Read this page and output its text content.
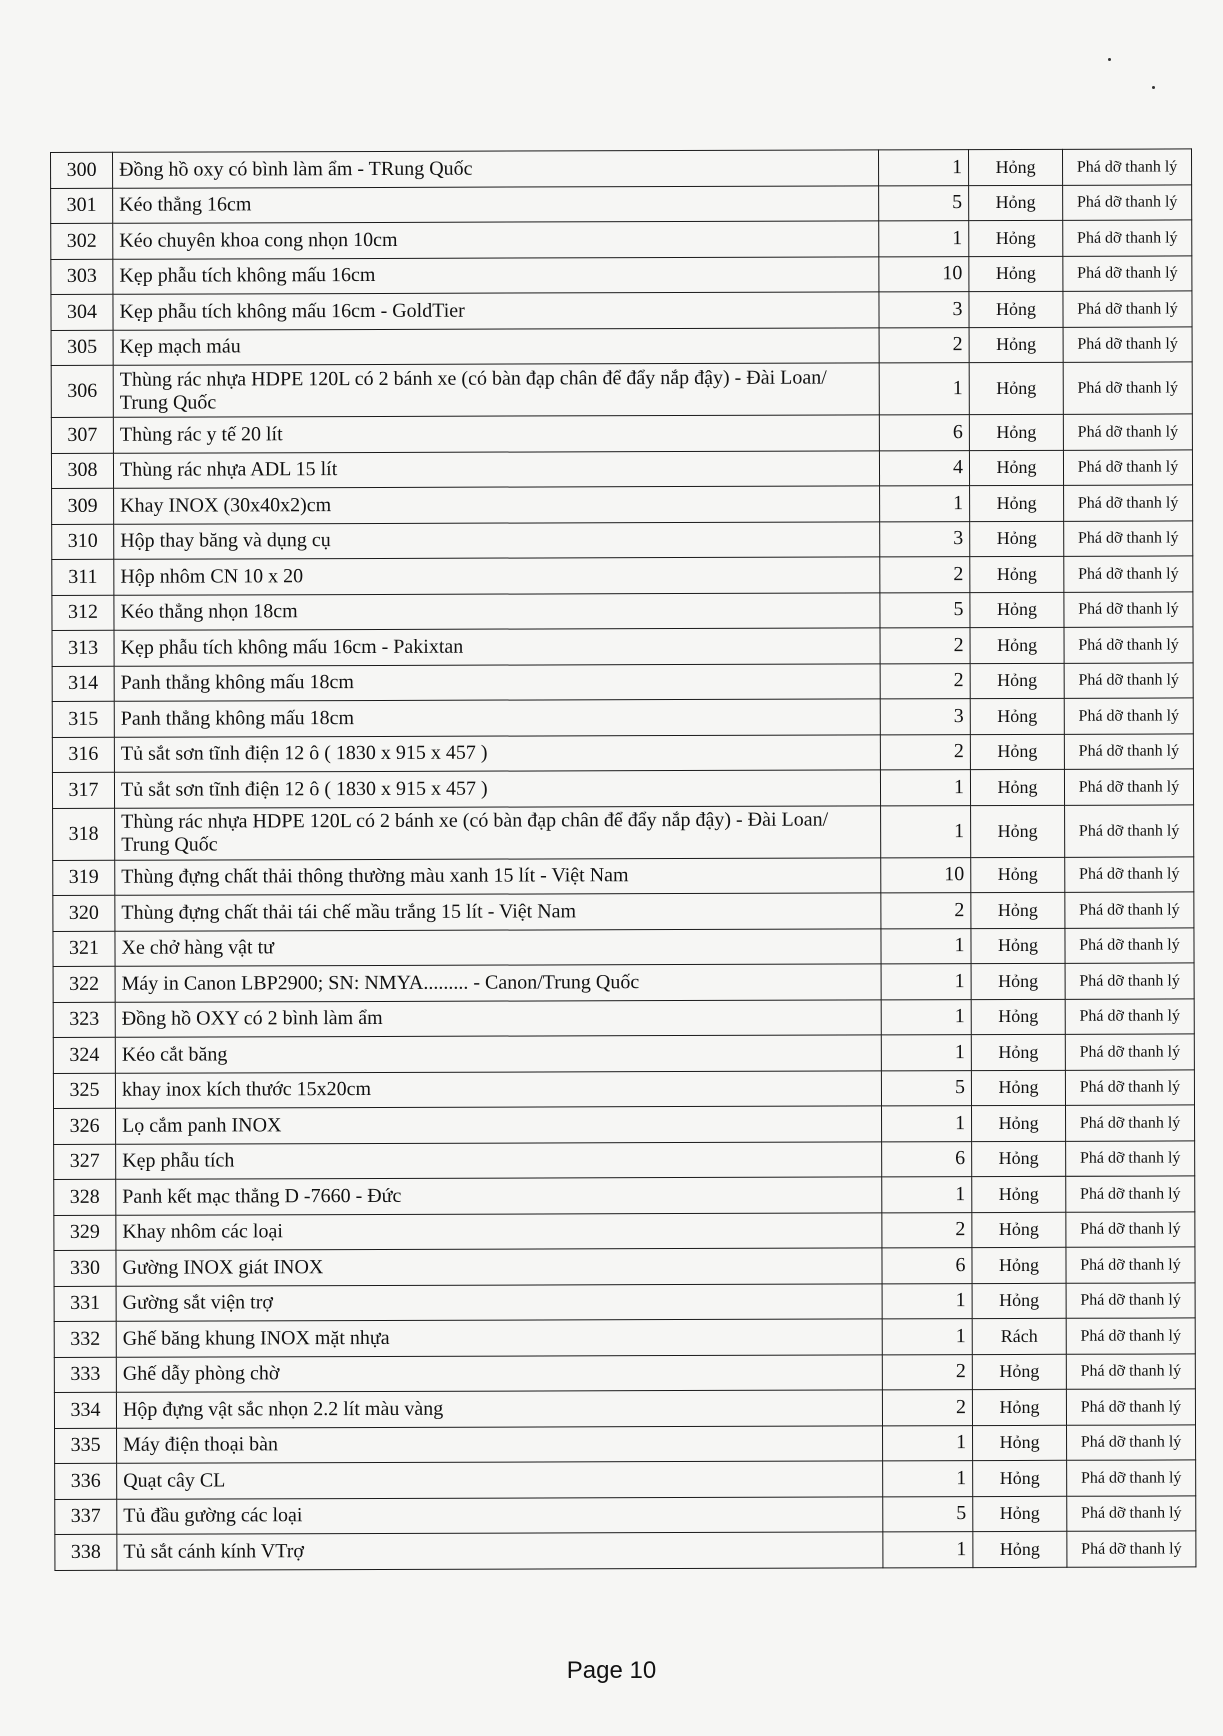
300	Đồng hồ oxy có bình làm ẩm - TRung Quốc	1	Hỏng	Phá dỡ thanh lý
301	Kéo thẳng 16cm	5	Hỏng	Phá dỡ thanh lý
302	Kéo chuyên khoa cong nhọn 10cm	1	Hỏng	Phá dỡ thanh lý
303	Kẹp phẫu tích không mấu 16cm	10	Hỏng	Phá dỡ thanh lý
304	Kẹp phẫu tích không mấu 16cm - GoldTier	3	Hỏng	Phá dỡ thanh lý
305	Kẹp mạch máu	2	Hỏng	Phá dỡ thanh lý
306	Thùng rác nhựa HDPE 120L có 2 bánh xe (có bàn đạp chân để đẩy nắp đậy) - Đài Loan/ Trung Quốc	1	Hỏng	Phá dỡ thanh lý
307	Thùng rác y tế 20 lít	6	Hỏng	Phá dỡ thanh lý
308	Thùng rác nhựa ADL 15 lít	4	Hỏng	Phá dỡ thanh lý
309	Khay INOX (30x40x2)cm	1	Hỏng	Phá dỡ thanh lý
310	Hộp thay băng và dụng cụ	3	Hỏng	Phá dỡ thanh lý
311	Hộp nhôm CN 10 x 20	2	Hỏng	Phá dỡ thanh lý
312	Kéo thẳng nhọn 18cm	5	Hỏng	Phá dỡ thanh lý
313	Kẹp phẫu tích không mấu 16cm - Pakixtan	2	Hỏng	Phá dỡ thanh lý
314	Panh thẳng không mấu 18cm	2	Hỏng	Phá dỡ thanh lý
315	Panh thẳng không mấu 18cm	3	Hỏng	Phá dỡ thanh lý
316	Tủ sắt sơn tĩnh điện 12 ô ( 1830 x 915 x 457 )	2	Hỏng	Phá dỡ thanh lý
317	Tủ sắt sơn tĩnh điện 12 ô ( 1830 x 915 x 457 )	1	Hỏng	Phá dỡ thanh lý
318	Thùng rác nhựa HDPE 120L có 2 bánh xe (có bàn đạp chân để đẩy nắp đậy) - Đài Loan/ Trung Quốc	1	Hỏng	Phá dỡ thanh lý
319	Thùng đựng chất thải thông thường màu xanh 15 lít - Việt Nam	10	Hỏng	Phá dỡ thanh lý
320	Thùng đựng chất thải tái chế mầu trắng 15 lít - Việt Nam	2	Hỏng	Phá dỡ thanh lý
321	Xe chở hàng vật tư	1	Hỏng	Phá dỡ thanh lý
322	Máy in Canon LBP2900; SN: NMYA......... - Canon/Trung Quốc	1	Hỏng	Phá dỡ thanh lý
323	Đồng hồ OXY có 2 bình làm ẩm	1	Hỏng	Phá dỡ thanh lý
324	Kéo cắt băng	1	Hỏng	Phá dỡ thanh lý
325	khay inox kích thước 15x20cm	5	Hỏng	Phá dỡ thanh lý
326	Lọ cắm panh INOX	1	Hỏng	Phá dỡ thanh lý
327	Kẹp phẫu tích	6	Hỏng	Phá dỡ thanh lý
328	Panh kết mạc thẳng D -7660 - Đức	1	Hỏng	Phá dỡ thanh lý
329	Khay nhôm các loại	2	Hỏng	Phá dỡ thanh lý
330	Gường INOX giát INOX	6	Hỏng	Phá dỡ thanh lý
331	Gường sắt viện trợ	1	Hỏng	Phá dỡ thanh lý
332	Ghế băng khung INOX mặt nhựa	1	Rách	Phá dỡ thanh lý
333	Ghế dẫy phòng chờ	2	Hỏng	Phá dỡ thanh lý
334	Hộp đựng vật sắc nhọn 2.2 lít màu vàng	2	Hỏng	Phá dỡ thanh lý
335	Máy điện thoại bàn	1	Hỏng	Phá dỡ thanh lý
336	Quạt cây CL	1	Hỏng	Phá dỡ thanh lý
337	Tủ đầu gường các loại	5	Hỏng	Phá dỡ thanh lý
338	Tủ sắt cánh kính VTrợ	1	Hỏng	Phá dỡ thanh lý
Page 10
